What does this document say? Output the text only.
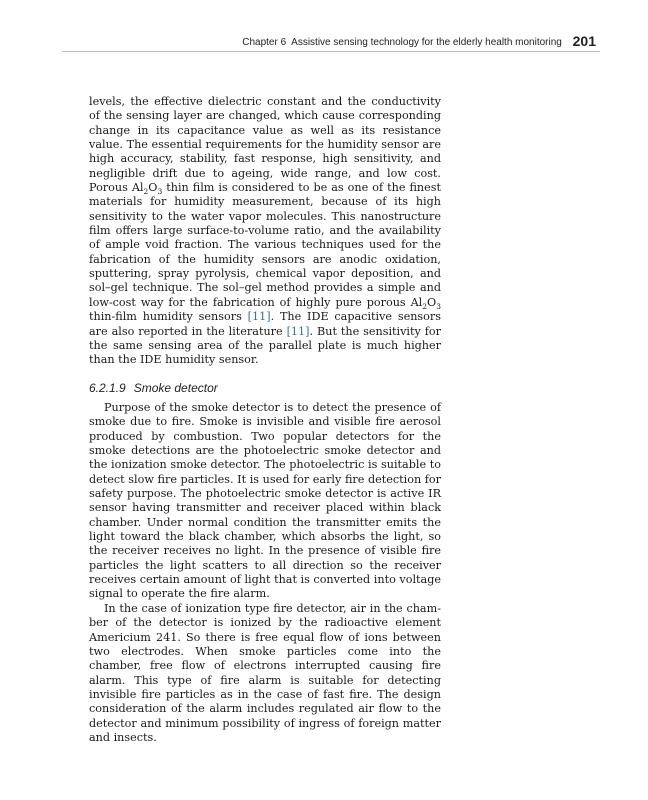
Chapter 6 Assistive sensing technology for the elderly health monitoring 201

levels, the effective dielectric constant and the conductivity of the sensing layer are changed, which cause corresponding change in its capacitance value as well as its resistance value. The essential requirements for the humidity sensor are high accuracy, stability, fast response, high sensitivity, and negligible drift due to ageing, wide range, and low cost. Porous $Al_2O_3$ thin film is considered to be as one of the finest materials for humidity measurement, because of its high sensitivity to the water vapor molecules. This nanostructure film offers large surface-to-volume ratio, and the availability of ample void fraction. The various techniques used for the fabrication of the humidity sensors are anodic oxidation, sputtering, spray pyrolysis, chemical vapor deposition, and sol–gel technique. The sol–gel method provides a simple and low-cost way for the fabrication of highly pure porous $Al_2O_3$ thin-film humidity sensors [11]. The IDE capacitive sensors are also reported in the literature [11]. But the sensitivity for the same sensing area of the parallel plate is much higher than the IDE humidity sensor.

6.2.1.9 Smoke detector

Purpose of the smoke detector is to detect the presence of smoke due to fire. Smoke is invisible and visible fire aerosol produced by combustion. Two popular detectors for the smoke detections are the photoelectric smoke detector and the ionization smoke detector. The photoelectric is suitable to detect slow fire particles. It is used for early fire detection for safety purpose. The photoelectric smoke detector is active IR sensor having transmitter and receiver placed within black chamber. Under normal condition the transmitter emits the light toward the black chamber, which absorbs the light, so the receiver receives no light. In the presence of visible fire particles the light scatters to all direction so the receiver receives certain amount of light that is converted into voltage signal to operate the fire alarm.

In the case of ionization type fire detector, air in the chamber of the detector is ionized by the radioactive element Americium 241. So there is free equal flow of ions between two electrodes. When smoke particles come into the chamber, free flow of electrons interrupted causing fire alarm. This type of fire alarm is suitable for detecting invisible fire particles as in the case of fast fire. The design consideration of the alarm includes regulated air flow to the detector and minimum possibility of ingress of foreign matter and insects.
